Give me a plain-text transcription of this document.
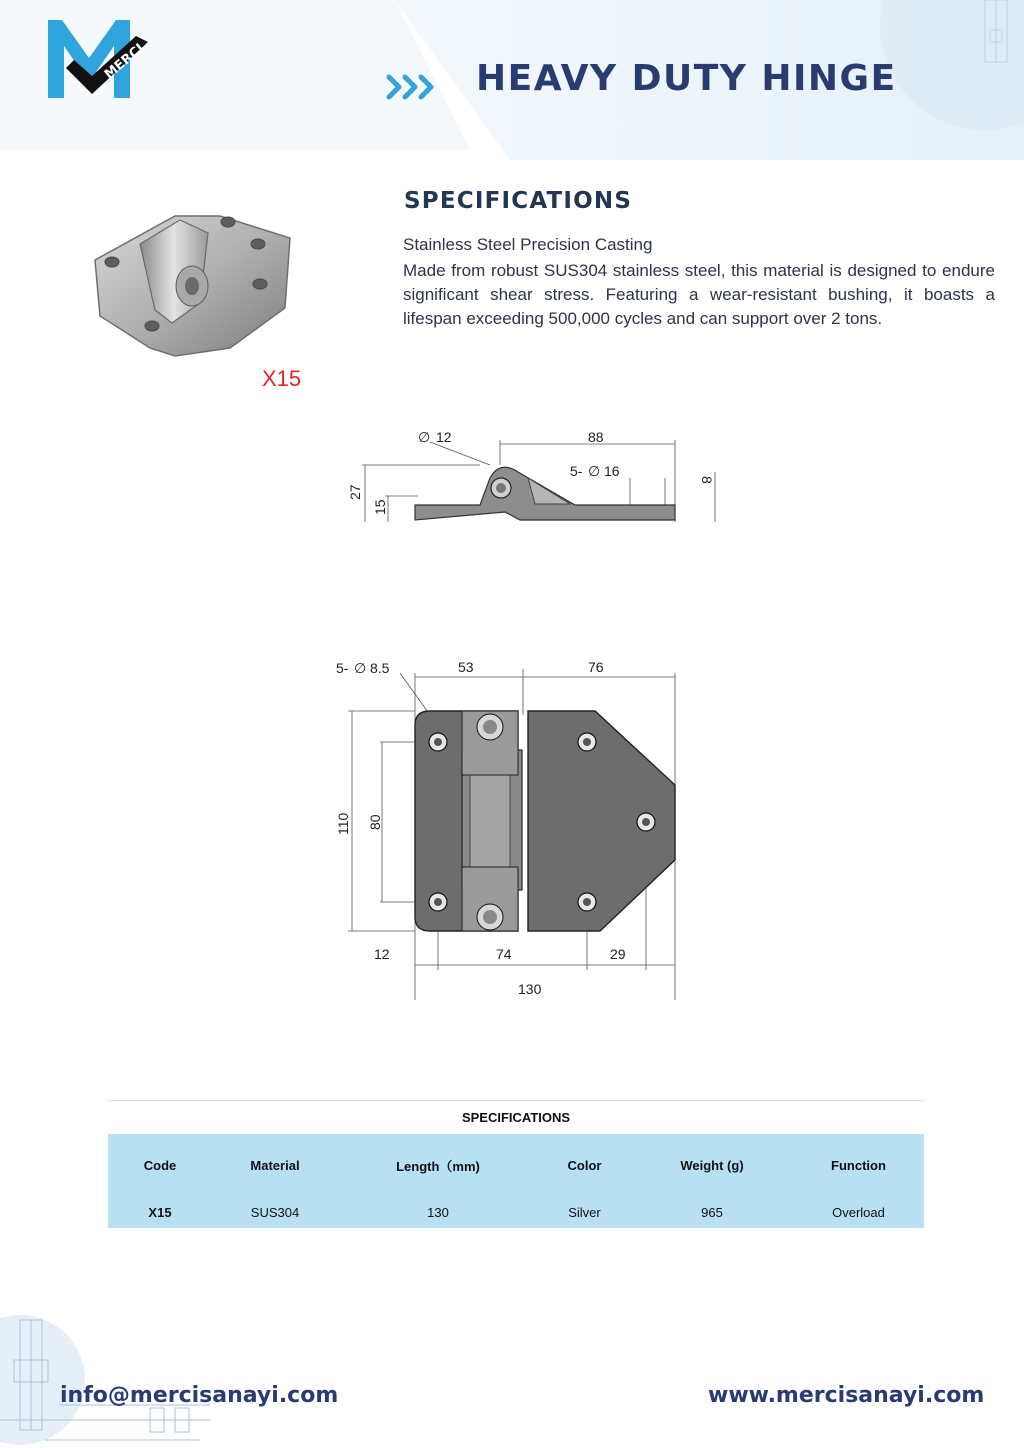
MERCI	HEAVY DUTY HINGE
X15
SPECIFICATIONS
Stainless Steel Precision Casting
Made from robust SUS304 stainless steel, this material is designed to endure significant shear stress. Featuring a wear-resistant bushing, it boasts a lifespan exceeding 500,000 cycles and can support over 2 tons.
∅ 12	88
5- ∅ 16
27
15
8
5- ∅ 8.5	53	76
110 80
12	74	29
130
SPECIFICATIONS
Code	Material	Length（mm)	Color	Weight (g)	Function
X15	SUS304	130	Silver	965	Overload
info@mercisanayi.com	www.mercisanayi.com
